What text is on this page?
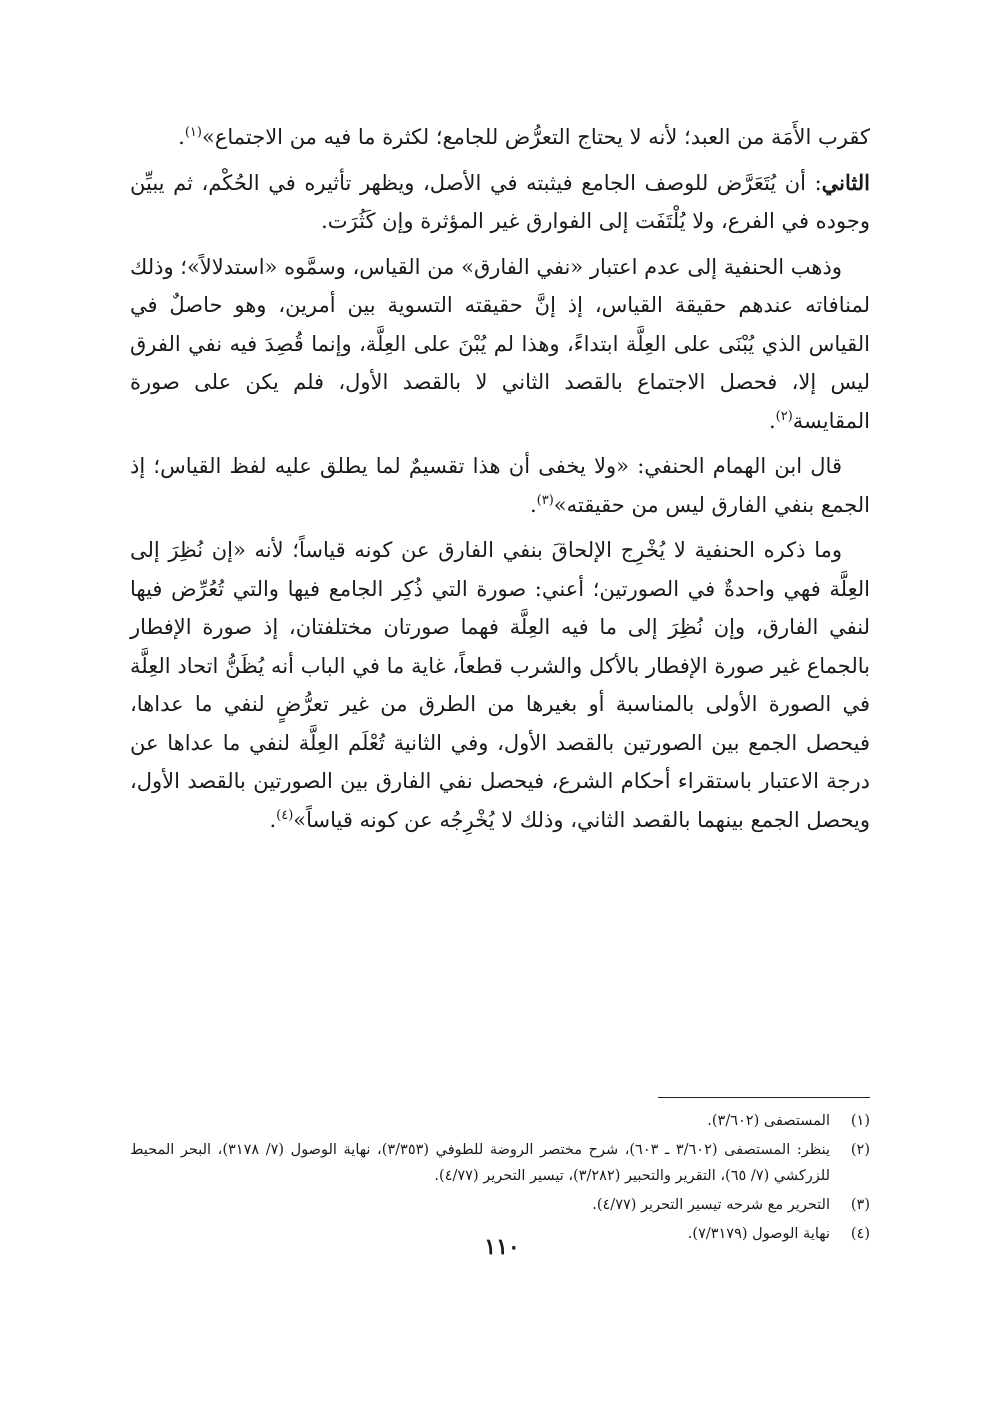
كقرب الأَمَة من العبد؛ لأنه لا يحتاج التعرُّض للجامع؛ لكثرة ما فيه من الاجتماع»$^{(١)}$.

الثاني: أن يُتَعَرَّض للوصف الجامع فيثبته في الأصل، ويظهر تأثيره في الحُكْم، ثم يبيِّن وجوده في الفرع، ولا يُلْتَفَت إلى الفوارق غير المؤثرة وإن كَثُرَت.

وذهب الحنفية إلى عدم اعتبار «نفي الفارق» من القياس، وسمَّوه «استدلالاً»؛ وذلك لمنافاته عندهم حقيقة القياس، إذ إنَّ حقيقته التسوية بين أمرين، وهو حاصلٌ في القياس الذي يُبْنَى على العِلَّة ابتداءً، وهذا لم يُبْنَ على العِلَّة، وإنما قُصِدَ فيه نفي الفرق ليس إلا، فحصل الاجتماع بالقصد الثاني لا بالقصد الأول، فلم يكن على صورة المقايسة$^{(٢)}$.

قال ابن الهمام الحنفي: «ولا يخفى أن هذا تقسيمٌ لما يطلق عليه لفظ القياس؛ إذ الجمع بنفي الفارق ليس من حقيقته»$^{(٣)}$.

وما ذكره الحنفية لا يُخْرِج الإلحاقَ بنفي الفارق عن كونه قياساً؛ لأنه «إن نُظِرَ إلى العِلَّة فهي واحدةٌ في الصورتين؛ أعني: صورة التي ذُكِر الجامع فيها والتي تُعُرِّض فيها لنفي الفارق، وإن نُظِرَ إلى ما فيه العِلَّة فهما صورتان مختلفتان، إذ صورة الإفطار بالجماع غير صورة الإفطار بالأكل والشرب قطعاً، غاية ما في الباب أنه يُظَنُّ اتحاد العِلَّة في الصورة الأولى بالمناسبة أو بغيرها من الطرق من غير تعرُّضٍ لنفي ما عداها، فيحصل الجمع بين الصورتين بالقصد الأول، وفي الثانية تُعْلَم العِلَّة لنفي ما عداها عن درجة الاعتبار باستقراء أحكام الشرع، فيحصل نفي الفارق بين الصورتين بالقصد الأول، ويحصل الجمع بينهما بالقصد الثاني، وذلك لا يُخْرِجُه عن كونه قياساً»$^{(٤)}$.

(١)
المستصفى (٣/٦٠٢).
(٢)
ينظر: المستصفى (٣/٦٠٢ ـ ٦٠٣)، شرح مختصر الروضة للطوفي (٣/٣٥٣)، نهاية الوصول (٧/ ٣١٧٨)، البحر المحيط للزركشي (٧/ ٦٥)، التقرير والتحبير (٣/٢٨٢)، تيسير التحرير (٤/٧٧).
(٣)
التحرير مع شرحه تيسير التحرير (٤/٧٧).
(٤)
نهاية الوصول (٧/٣١٧٩).
١١٠
